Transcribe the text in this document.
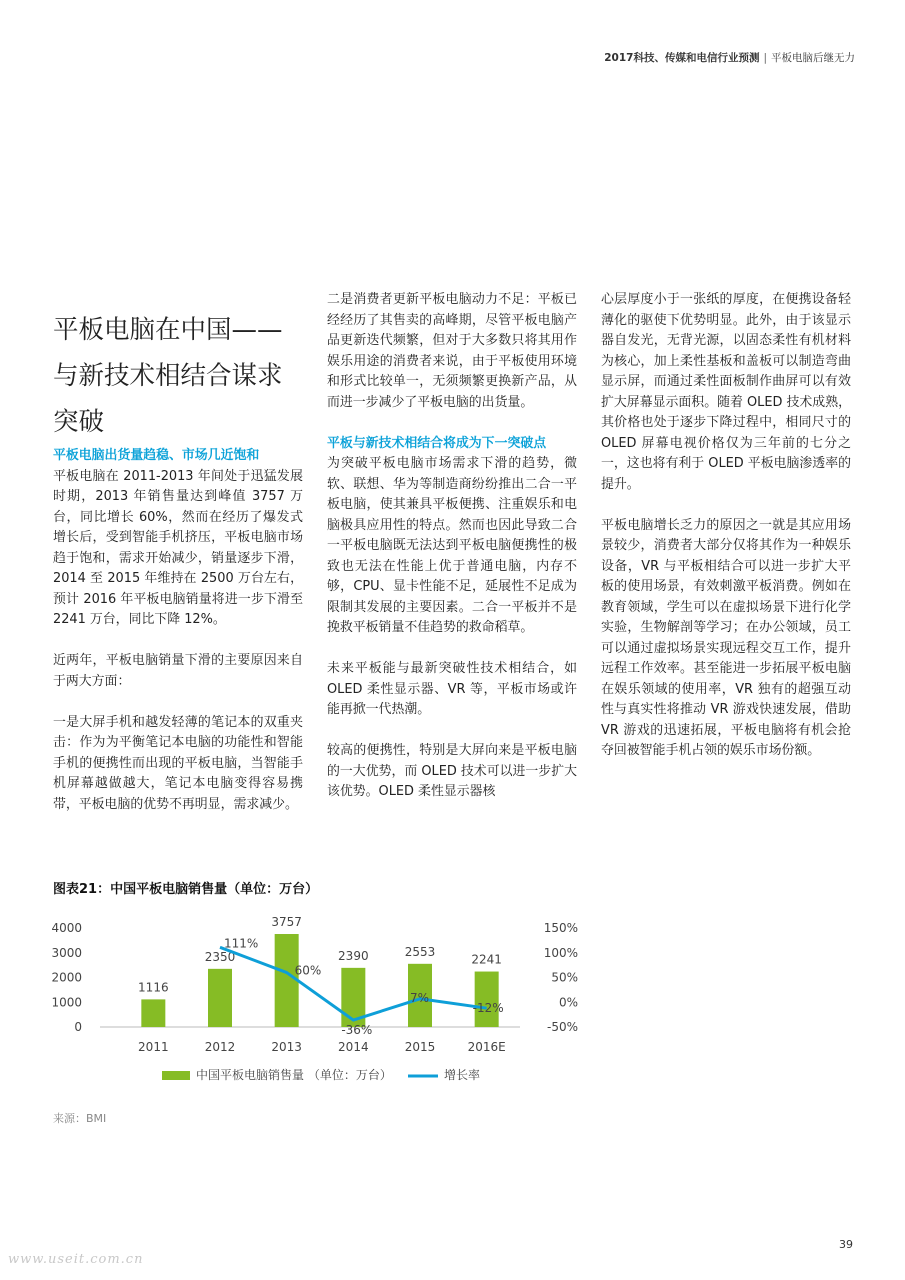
2017科技、传媒和电信行业预测 | 平板电脑后继无力
平板电脑在中国——与新技术相结合谋求突破
平板电脑出货量趋稳、市场几近饱和

平板电脑在 2011-2013 年间处于迅猛发展时期，2013 年销售量达到峰值 3757 万台，同比增长 60%，然而在经历了爆发式增长后，受到智能手机挤压，平板电脑市场趋于饱和，需求开始减少，销量逐步下滑，2014 至 2015 年维持在 2500 万台左右，预计 2016 年平板电脑销量将进一步下滑至 2241 万台，同比下降 12%。

近两年，平板电脑销量下滑的主要原因来自于两大方面：

一是大屏手机和越发轻薄的笔记本的双重夹击：作为为平衡笔记本电脑的功能性和智能手机的便携性而出现的平板电脑，当智能手机屏幕越做越大，笔记本电脑变得容易携带，平板电脑的优势不再明显，需求减少。

二是消费者更新平板电脑动力不足：平板已经经历了其售卖的高峰期，尽管平板电脑产品更新迭代频繁，但对于大多数只将其用作娱乐用途的消费者来说，由于平板使用环境和形式比较单一，无须频繁更换新产品，从而进一步减少了平板电脑的出货量。

平板与新技术相结合将成为下一突破点

为突破平板电脑市场需求下滑的趋势，微软、联想、华为等制造商纷纷推出二合一平板电脑，使其兼具平板便携、注重娱乐和电脑极具应用性的特点。然而也因此导致二合一平板电脑既无法达到平板电脑便携性的极致也无法在性能上优于普通电脑，内存不够，CPU、显卡性能不足，延展性不足成为限制其发展的主要因素。二合一平板并不是挽救平板销量不佳趋势的救命稻草。

未来平板能与最新突破性技术相结合，如 OLED 柔性显示器、VR 等，平板市场或许能再掀一代热潮。

较高的便携性，特别是大屏向来是平板电脑的一大优势，而 OLED 技术可以进一步扩大该优势。OLED 柔性显示器核

心层厚度小于一张纸的厚度，在便携设备轻薄化的驱使下优势明显。此外，由于该显示器自发光，无背光源，以固态柔性有机材料为核心，加上柔性基板和盖板可以制造弯曲显示屏，而通过柔性面板制作曲屏可以有效扩大屏幕显示面积。随着 OLED 技术成熟，其价格也处于逐步下降过程中，相同尺寸的 OLED 屏幕电视价格仅为三年前的七分之一，这也将有利于 OLED 平板电脑渗透率的提升。

平板电脑增长乏力的原因之一就是其应用场景较少，消费者大部分仅将其作为一种娱乐设备，VR 与平板相结合可以进一步扩大平板的使用场景，有效刺激平板消费。例如在教育领域，学生可以在虚拟场景下进行化学实验，生物解剖等学习；在办公领域，员工可以通过虚拟场景实现远程交互工作，提升远程工作效率。甚至能进一步拓展平板电脑在娱乐领域的使用率，VR 独有的超强互动性与真实性将推动 VR 游戏快速发展，借助 VR 游戏的迅速拓展，平板电脑将有机会抢夺回被智能手机占领的娱乐市场份额。

图表21：中国平板电脑销售量（单位：万台）
0
1000
2000
3000
4000
-50%
0%
50%
100%
150%
1116
2011
2350
2012
3757
2013
2390
2014
2553
2015
2241
2016E
111%
60%
-36%
7%
-12%
中国平板电脑销售量 （单位：万台）	增长率
来源：BMI
39
www.useit.com.cn
